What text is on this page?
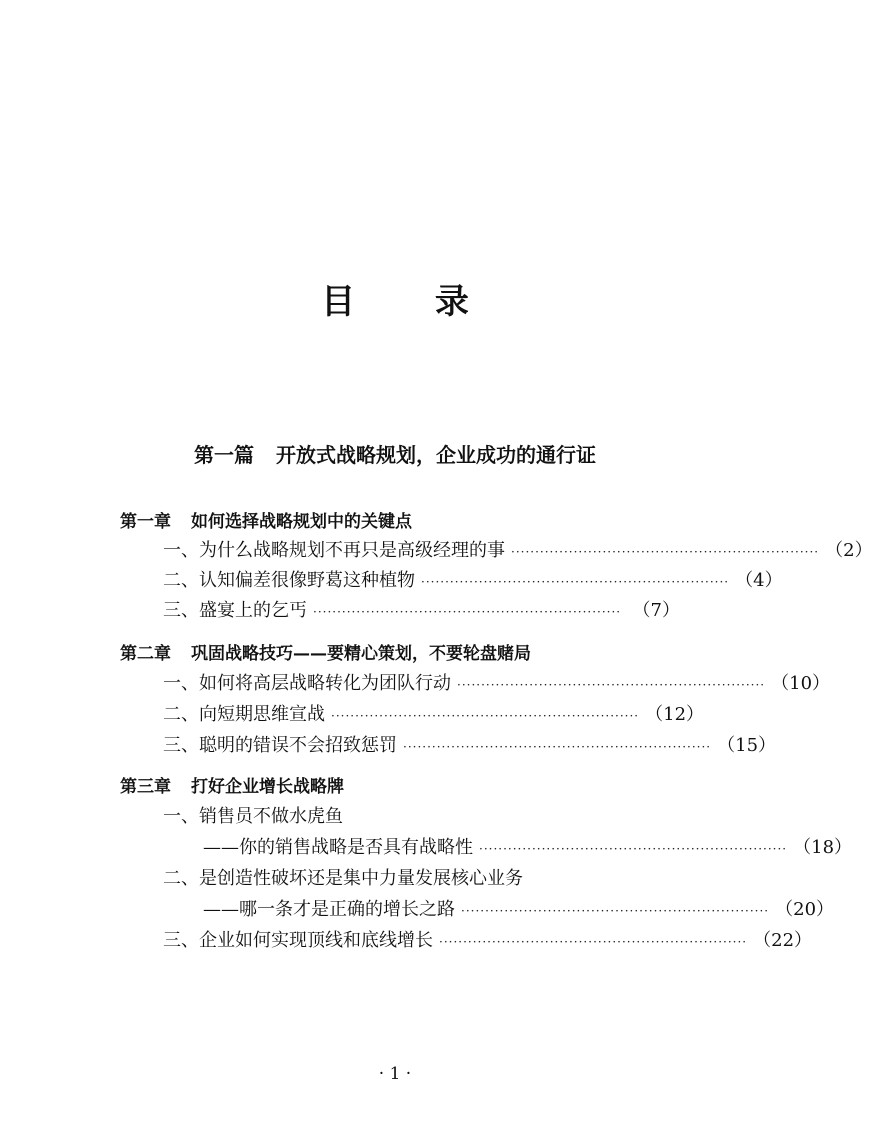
目 录
第一篇 开放式战略规划，企业成功的通行证
第一章 如何选择战略规划中的关键点
一、为什么战略规划不再只是高级经理的事 ································································ （2）
二、认知偏差很像野葛这种植物 ································································ （4）
三、盛宴上的乞丐 ································································ （7）
第二章 巩固战略技巧——要精心策划，不要轮盘赌局
一、如何将高层战略转化为团队行动 ································································ （10）
二、向短期思维宣战 ································································ （12）
三、聪明的错误不会招致惩罚 ································································ （15）
第三章 打好企业增长战略牌
一、销售员不做水虎鱼
——你的销售战略是否具有战略性 ································································ （18）
二、是创造性破坏还是集中力量发展核心业务
——哪一条才是正确的增长之路 ································································ （20）
三、企业如何实现顶线和底线增长 ································································ （22）
· 1 ·
